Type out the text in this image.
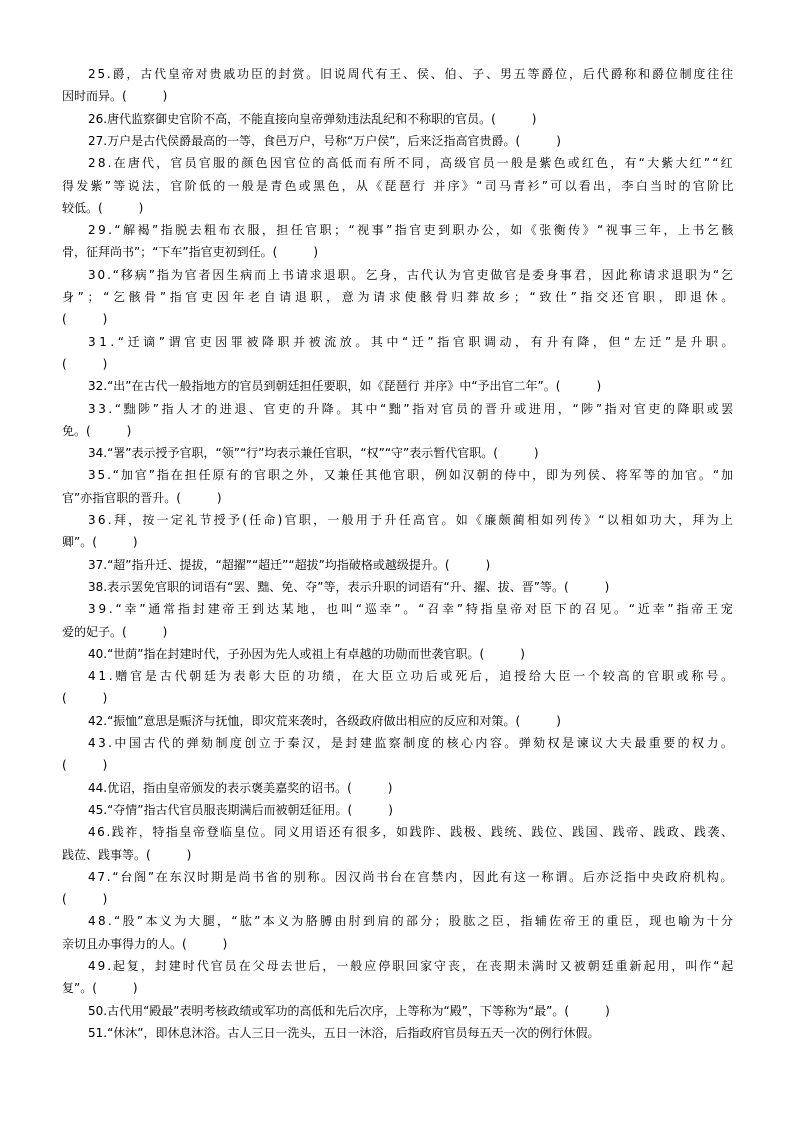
25.爵，古代皇帝对贵戚功臣的封赏。旧说周代有王、侯、伯、子、男五等爵位，后代爵称和爵位制度往往
因时而异。(　　　)
26.唐代监察御史官阶不高，不能直接向皇帝弹劾违法乱纪和不称职的官员。(　　　)
27.万户是古代侯爵最高的一等，食邑万户，号称“万户侯”，后来泛指高官贵爵。(　　　)
28.在唐代，官员官服的颜色因官位的高低而有所不同，高级官员一般是紫色或红色，有“大紫大红”“红
得发紫”等说法，官阶低的一般是青色或黑色，从《琵琶行 并序》“司马青衫”可以看出，李白当时的官阶比
较低。(　　　)
29.“解褐”指脱去粗布衣服，担任官职；“视事”指官吏到职办公，如《张衡传》“视事三年，上书乞骸
骨，征拜尚书”；“下车”指官吏初到任。(　　　)
30.“移病”指为官者因生病而上书请求退职。乞身，古代认为官吏做官是委身事君，因此称请求退职为“乞
身”；“乞骸骨”指官吏因年老自请退职，意为请求使骸骨归葬故乡；“致仕”指交还官职，即退休。
(　　　)
31.“迁谪”谓官吏因罪被降职并被流放。其中“迁”指官职调动，有升有降，但“左迁”是升职。
(　　　)
32.“出”在古代一般指地方的官员到朝廷担任要职，如《琵琶行 并序》中“予出官二年”。(　　　)
33.“黜陟”指人才的进退、官吏的升降。其中“黜”指对官员的晋升或进用，“陟”指对官吏的降职或罢
免。(　　　)
34.“署”表示授予官职，“领”“行”均表示兼任官职，“权”“守”表示暂代官职。(　　　)
35.“加官”指在担任原有的官职之外，又兼任其他官职，例如汉朝的侍中，即为列侯、将军等的加官。“加
官”亦指官职的晋升。(　　　)
36.拜，按一定礼节授予(任命)官职，一般用于升任高官。如《廉颇蔺相如列传》“以相如功大，拜为上
卿”。(　　　)
37.“超”指升迁、提拔，“超擢”“超迁”“超拔”均指破格或越级提升。(　　　)
38.表示罢免官职的词语有“罢、黜、免、夺”等，表示升职的词语有“升、擢、拔、晋”等。(　　　)
39.“幸”通常指封建帝王到达某地，也叫“巡幸”。“召幸”特指皇帝对臣下的召见。“近幸”指帝王宠
爱的妃子。(　　　)
40.“世荫”指在封建时代，子孙因为先人或祖上有卓越的功勋而世袭官职。(　　　)
41.赠官是古代朝廷为表彰大臣的功绩，在大臣立功后或死后，追授给大臣一个较高的官职或称号。
(　　　)
42.“振恤”意思是赈济与抚恤，即灾荒来袭时，各级政府做出相应的反应和对策。(　　　)
43.中国古代的弹劾制度创立于秦汉，是封建监察制度的核心内容。弹劾权是谏议大夫最重要的权力。
(　　　)
44.优诏，指由皇帝颁发的表示褒美嘉奖的诏书。(　　　)
45.“夺情”指古代官员服丧期满后而被朝廷征用。(　　　)
46.践祚，特指皇帝登临皇位。同义用语还有很多，如践阼、践极、践统、践位、践国、践帝、践政、践袭、
践莅、践事等。(　　　)
47.“台阁”在东汉时期是尚书省的别称。因汉尚书台在宫禁内，因此有这一称谓。后亦泛指中央政府机构。
(　　　)
48.“股”本义为大腿，“肱”本义为胳膊由肘到肩的部分；股肱之臣，指辅佐帝王的重臣，现也喻为十分
亲切且办事得力的人。(　　　)
49.起复，封建时代官员在父母去世后，一般应停职回家守丧，在丧期未满时又被朝廷重新起用，叫作“起
复”。(　　　)
50.古代用“殿最”表明考核政绩或军功的高低和先后次序，上等称为“殿”，下等称为“最”。(　　　)
51.“休沐”，即休息沐浴。古人三日一洗头，五日一沐浴，后指政府官员每五天一次的例行休假。
